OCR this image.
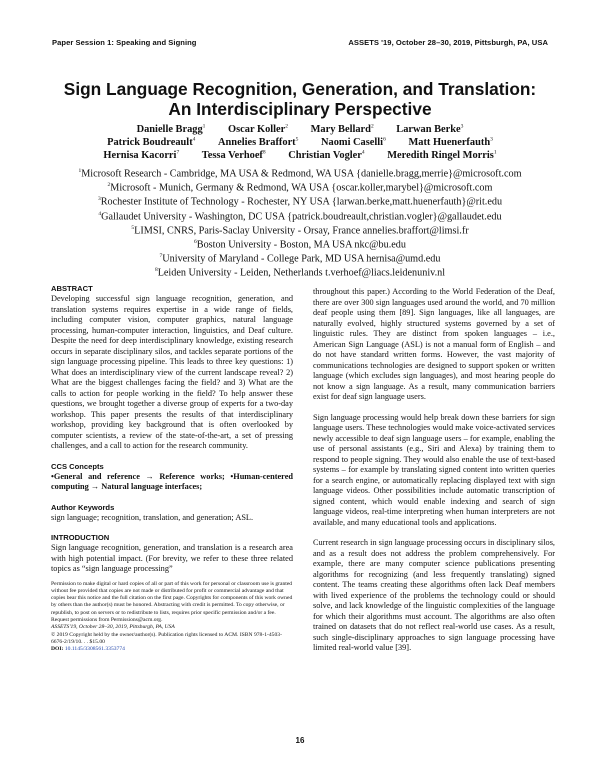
Paper Session 1: Speaking and Signing	ASSETS '19, October 28–30, 2019, Pittsburgh, PA, USA
Sign Language Recognition, Generation, and Translation:
An Interdisciplinary Perspective
Danielle Bragg$^1$ Oscar Koller$^2$ Mary Bellard$^2$ Larwan Berke$^3$
Patrick Boudreault$^4$ Annelies Braffort$^5$ Naomi Caselli$^6$ Matt Huenerfauth$^3$
Hernisa Kacorri$^7$ Tessa Verhoef$^8$ Christian Vogler$^4$ Meredith Ringel Morris$^1$
$^1$Microsoft Research - Cambridge, MA USA & Redmond, WA USA {danielle.bragg,merrie}@microsoft.com
$^2$Microsoft - Munich, Germany & Redmond, WA USA {oscar.koller,marybel}@microsoft.com
$^3$Rochester Institute of Technology - Rochester, NY USA {larwan.berke,matt.huenerfauth}@rit.edu
$^4$Gallaudet University - Washington, DC USA {patrick.boudreault,christian.vogler}@gallaudet.edu
$^5$LIMSI, CNRS, Paris-Saclay University - Orsay, France annelies.braffort@limsi.fr
$^6$Boston University - Boston, MA USA nkc@bu.edu
$^7$University of Maryland - College Park, MD USA hernisa@umd.edu
$^8$Leiden University - Leiden, Netherlands t.verhoef@liacs.leidenuniv.nl
ABSTRACT

Developing successful sign language recognition, generation, and translation systems requires expertise in a wide range of fields, including computer vision, computer graphics, natural language processing, human-computer interaction, linguistics, and Deaf culture. Despite the need for deep interdisciplinary knowledge, existing research occurs in separate disciplinary silos, and tackles separate portions of the sign language processing pipeline. This leads to three key questions: 1) What does an interdisciplinary view of the current landscape reveal? 2) What are the biggest challenges facing the field? and 3) What are the calls to action for people working in the field? To help answer these questions, we brought together a diverse group of experts for a two-day workshop. This paper presents the results of that interdisciplinary workshop, providing key background that is often overlooked by computer scientists, a review of the state-of-the-art, a set of pressing challenges, and a call to action for the research community.

CCS Concepts

•General and reference → Reference works; •Human-centered computing → Natural language interfaces;

Author Keywords

sign language; recognition, translation, and generation; ASL.

INTRODUCTION

Sign language recognition, generation, and translation is a research area with high potential impact. (For brevity, we refer to these three related topics as “sign language processing”

Permission to make digital or hard copies of all or part of this work for personal or classroom use is granted without fee provided that copies are not made or distributed for profit or commercial advantage and that copies bear this notice and the full citation on the first page. Copyrights for components of this work owned by others than the author(s) must be honored. Abstracting with credit is permitted. To copy otherwise, or republish, to post on servers or to redistribute to lists, requires prior specific permission and/or a fee. Request permissions from Permissions@acm.org.

ASSETS'19, October 28–30, 2019, Pittsburgh, PA, USA

© 2019 Copyright held by the owner/author(s). Publication rights licensed to ACM. ISBN 978-1-4503-6676-2/19/10. . . $15.00

DOI: 10.1145/3308561.3353774

throughout this paper.) According to the World Federation of the Deaf, there are over 300 sign languages used around the world, and 70 million deaf people using them [89]. Sign languages, like all languages, are naturally evolved, highly structured systems governed by a set of linguistic rules. They are distinct from spoken languages – i.e., American Sign Language (ASL) is not a manual form of English – and do not have standard written forms. However, the vast majority of communications technologies are designed to support spoken or written language (which excludes sign languages), and most hearing people do not know a sign language. As a result, many communication barriers exist for deaf sign language users.

Sign language processing would help break down these barriers for sign language users. These technologies would make voice-activated services newly accessible to deaf sign language users – for example, enabling the use of personal assistants (e.g., Siri and Alexa) by training them to respond to people signing. They would also enable the use of text-based systems – for example by translating signed content into written queries for a search engine, or automatically replacing displayed text with sign language videos. Other possibilities include automatic transcription of signed content, which would enable indexing and search of sign language videos, real-time interpreting when human interpreters are not available, and many educational tools and applications.

Current research in sign language processing occurs in disciplinary silos, and as a result does not address the problem comprehensively. For example, there are many computer science publications presenting algorithms for recognizing (and less frequently translating) signed content. The teams creating these algorithms often lack Deaf members with lived experience of the problems the technology could or should solve, and lack knowledge of the linguistic complexities of the language for which their algorithms must account. The algorithms are also often trained on datasets that do not reflect real-world use cases. As a result, such single-disciplinary approaches to sign language processing have limited real-world value [39].

16
